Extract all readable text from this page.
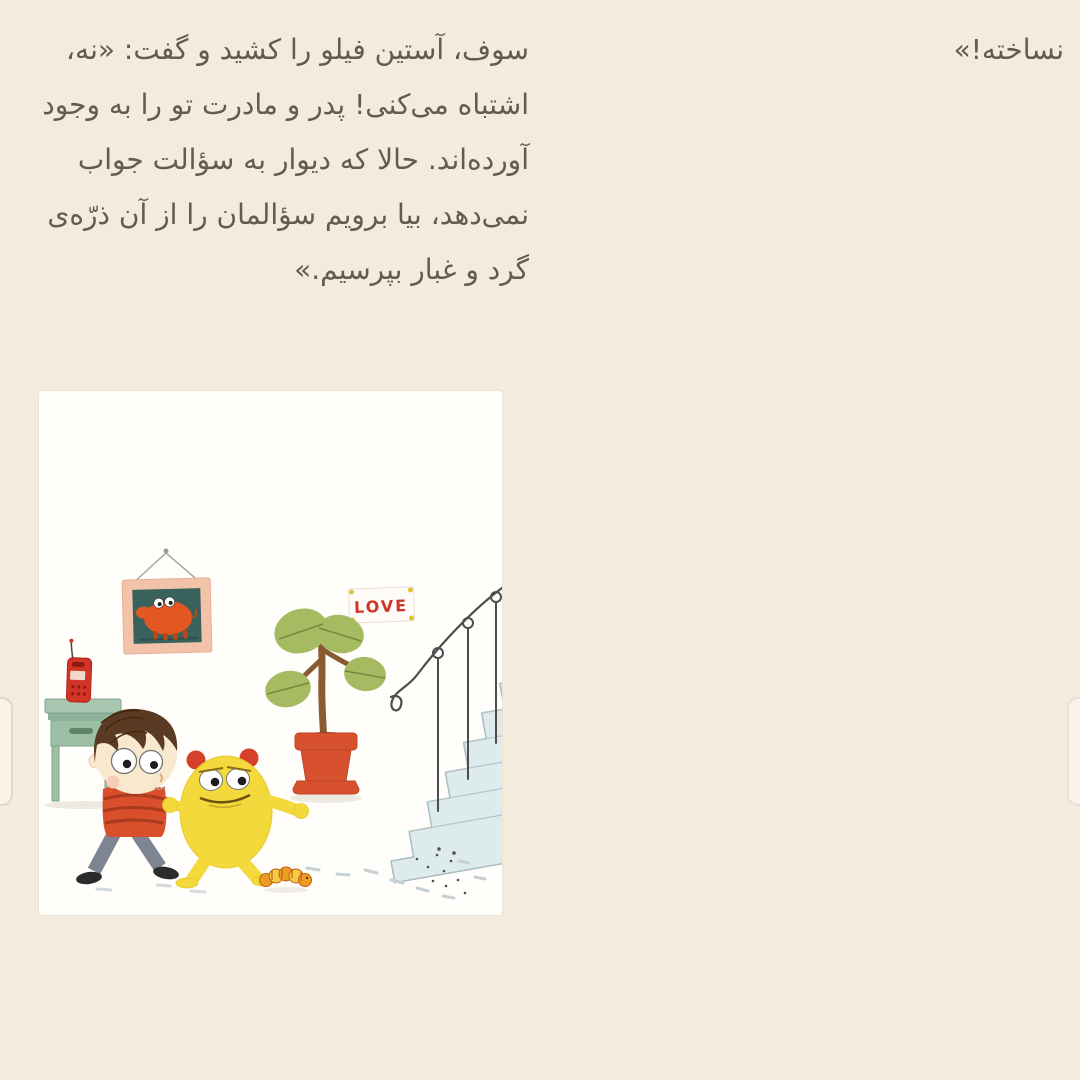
نساخته!»
سوف، آستین فیلو را کشید و گفت: «نه،
اشتباه می‌کنی! پدر و مادرت تو را به وجود
آورده‌اند. حالا که دیوار به سؤالت جواب
نمی‌دهد، بیا برویم سؤالمان را از آن ذرّه‌ی
گرد و غبار بپرسیم.»
LOVE
